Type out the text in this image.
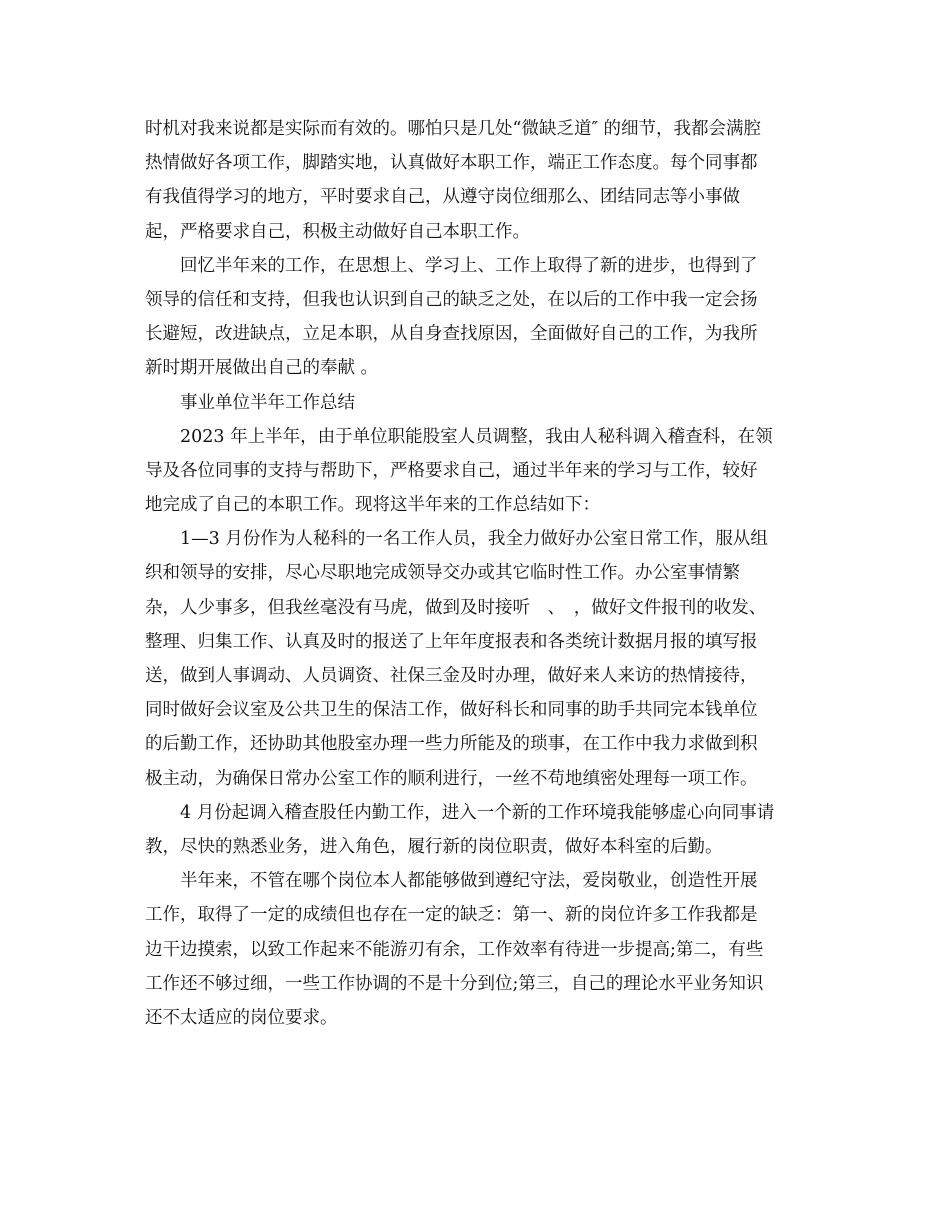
时机对我来说都是实际而有效的。哪怕只是几处“微缺乏道″ 的细节，我都会满腔
热情做好各项工作，脚踏实地，认真做好本职工作，端正工作态度。每个同事都
有我值得学习的地方，平时要求自己，从遵守岗位细那么、团结同志等小事做
起，严格要求自己，积极主动做好自己本职工作。

回忆半年来的工作，在思想上、学习上、工作上取得了新的进步，也得到了
领导的信任和支持，但我也认识到自己的缺乏之处，在以后的工作中我一定会扬
长避短，改进缺点，立足本职，从自身查找原因，全面做好自己的工作，为我所
新时期开展做出自己的奉献 。

事业单位半年工作总结

2023 年上半年，由于单位职能股室人员调整，我由人秘科调入稽查科，在领
导及各位同事的支持与帮助下，严格要求自己，通过半年来的学习与工作，较好
地完成了自己的本职工作。现将这半年来的工作总结如下：

1—3 月份作为人秘科的一名工作人员，我全力做好办公室日常工作，服从组
织和领导的安排，尽心尽职地完成领导交办或其它临时性工作。办公室事情繁
杂，人少事多，但我丝毫没有马虎，做到及时接听　、　，做好文件报刊的收发、
整理、归集工作、认真及时的报送了上年年度报表和各类统计数据月报的填写报
送，做到人事调动、人员调资、社保三金及时办理，做好来人来访的热情接待，
同时做好会议室及公共卫生的保洁工作，做好科长和同事的助手共同完本钱单位
的后勤工作，还协助其他股室办理一些力所能及的琐事，在工作中我力求做到积
极主动，为确保日常办公室工作的顺利进行，一丝不苟地缜密处理每一项工作。

4 月份起调入稽查股任内勤工作，进入一个新的工作环境我能够虚心向同事请
教，尽快的熟悉业务，进入角色，履行新的岗位职责，做好本科室的后勤。

半年来，不管在哪个岗位本人都能够做到遵纪守法，爱岗敬业，创造性开展
工作，取得了一定的成绩但也存在一定的缺乏：第一、新的岗位许多工作我都是
边干边摸索，以致工作起来不能游刃有余，工作效率有待进一步提高;第二，有些
工作还不够过细，一些工作协调的不是十分到位;第三，自己的理论水平业务知识
还不太适应的岗位要求。
